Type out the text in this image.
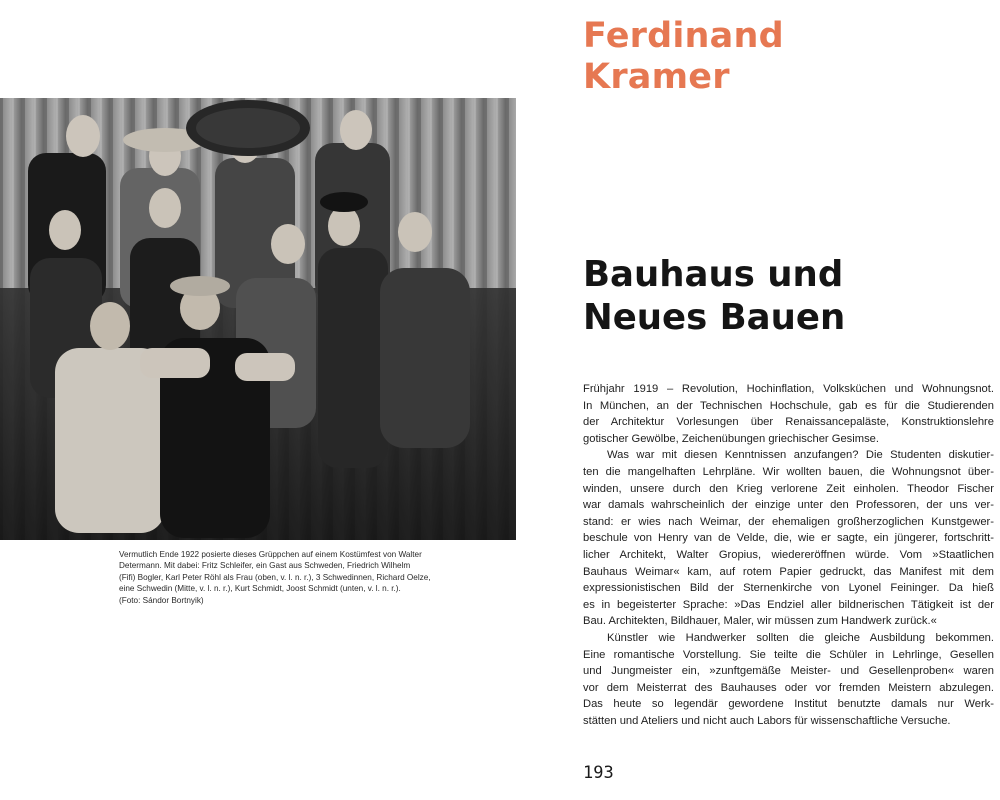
Vermutlich Ende 1922 posierte dieses Grüppchen auf einem Kostümfest von Walter
Determann. Mit dabei: Fritz Schleifer, ein Gast aus Schweden, Friedrich Wilhelm
(Fifi) Bogler, Karl Peter Röhl als Frau (oben, v. l. n. r.), 3 Schwedinnen, Richard Oelze,
eine Schwedin (Mitte, v. l. n. r.), Kurt Schmidt, Joost Schmidt (unten, v. l. n. r.).
(Foto: Sándor Bortnyik)
Ferdinand
Kramer
Bauhaus und
Neues Bauen

Frühjahr 1919 – Revolution, Hochinflation, Volksküchen und Wohnungsnot.
In München, an der Technischen Hochschule, gab es für die Studierenden
der Architektur Vorlesungen über Renaissancepaläste, Konstruktionslehre
gotischer Gewölbe, Zeichenübungen griechischer Gesimse.

Was war mit diesen Kenntnissen anzufangen? Die Studenten diskutier-
ten die mangelhaften Lehrpläne. Wir wollten bauen, die Wohnungsnot über-
winden, unsere durch den Krieg verlorene Zeit einholen. Theodor Fischer
war damals wahrscheinlich der einzige unter den Professoren, der uns ver-
stand: er wies nach Weimar, der ehemaligen großherzoglichen Kunstgewer-
beschule von Henry van de Velde, die, wie er sagte, ein jüngerer, fortschritt-
licher Architekt, Walter Gropius, wiedereröffnen würde. Vom »Staatlichen
Bauhaus Weimar« kam, auf rotem Papier gedruckt, das Manifest mit dem
expressionistischen Bild der Sternenkirche von Lyonel Feininger. Da hieß
es in begeisterter Sprache: »Das Endziel aller bildnerischen Tätigkeit ist der
Bau. Architekten, Bildhauer, Maler, wir müssen zum Handwerk zurück.«

Künstler wie Handwerker sollten die gleiche Ausbildung bekommen.
Eine romantische Vorstellung. Sie teilte die Schüler in Lehrlinge, Gesellen
und Jungmeister ein, »zunftgemäße Meister- und Gesellenproben« waren
vor dem Meisterrat des Bauhauses oder vor fremden Meistern abzulegen.
Das heute so legendär gewordene Institut benutzte damals nur Werk-
stätten und Ateliers und nicht auch Labors für wissenschaftliche Versuche.

193
